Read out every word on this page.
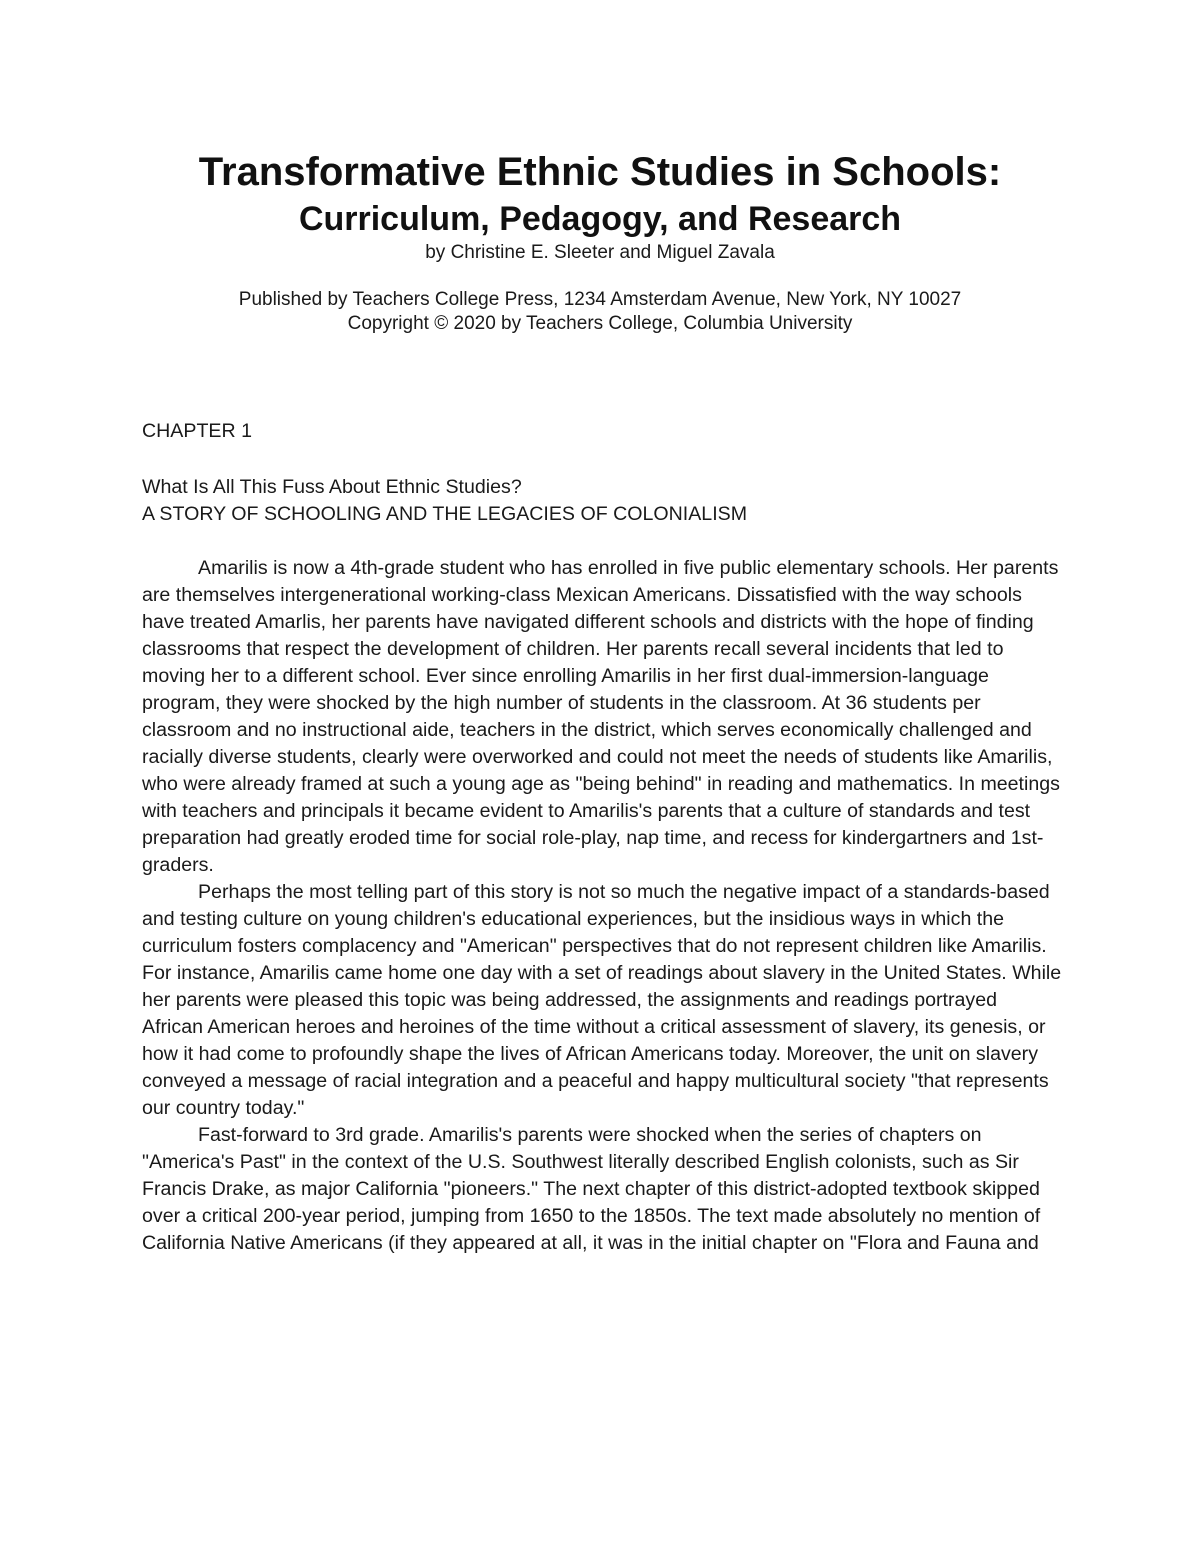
Transformative Ethnic Studies in Schools:
Curriculum, Pedagogy, and Research

by Christine E. Sleeter and Miguel Zavala

Published by Teachers College Press, 1234 Amsterdam Avenue, New York, NY 10027
Copyright © 2020 by Teachers College, Columbia University

CHAPTER 1

What Is All This Fuss About Ethnic Studies?

A STORY OF SCHOOLING AND THE LEGACIES OF COLONIALISM

Amarilis is now a 4th-grade student who has enrolled in five public elementary schools. Her parents are themselves intergenerational working-class Mexican Americans. Dissatisfied with the way schools have treated Amarlis, her parents have navigated different schools and districts with the hope of finding classrooms that respect the development of children. Her parents recall several incidents that led to moving her to a different school. Ever since enrolling Amarilis in her first dual-immersion-language program, they were shocked by the high number of students in the classroom. At 36 students per classroom and no instructional aide, teachers in the district, which serves economically challenged and racially diverse students, clearly were overworked and could not meet the needs of students like Amarilis, who were already framed at such a young age as "being behind" in reading and mathematics. In meetings with teachers and principals it became evident to Amarilis's parents that a culture of standards and test preparation had greatly eroded time for social role-play, nap time, and recess for kindergartners and 1st-graders.

Perhaps the most telling part of this story is not so much the negative impact of a standards-based and testing culture on young children's educational experiences, but the insidious ways in which the curriculum fosters complacency and "American" perspectives that do not represent children like Amarilis. For instance, Amarilis came home one day with a set of readings about slavery in the United States. While her parents were pleased this topic was being addressed, the assignments and readings portrayed African American heroes and heroines of the time without a critical assessment of slavery, its genesis, or how it had come to profoundly shape the lives of African Americans today. Moreover, the unit on slavery conveyed a message of racial integration and a peaceful and happy multicultural society "that represents our country today."

Fast-forward to 3rd grade. Amarilis's parents were shocked when the series of chapters on "America's Past" in the context of the U.S. Southwest literally described English colonists, such as Sir Francis Drake, as major California "pioneers." The next chapter of this district-adopted textbook skipped over a critical 200-year period, jumping from 1650 to the 1850s. The text made absolutely no mention of California Native Americans (if they appeared at all, it was in the initial chapter on "Flora and Fauna and
